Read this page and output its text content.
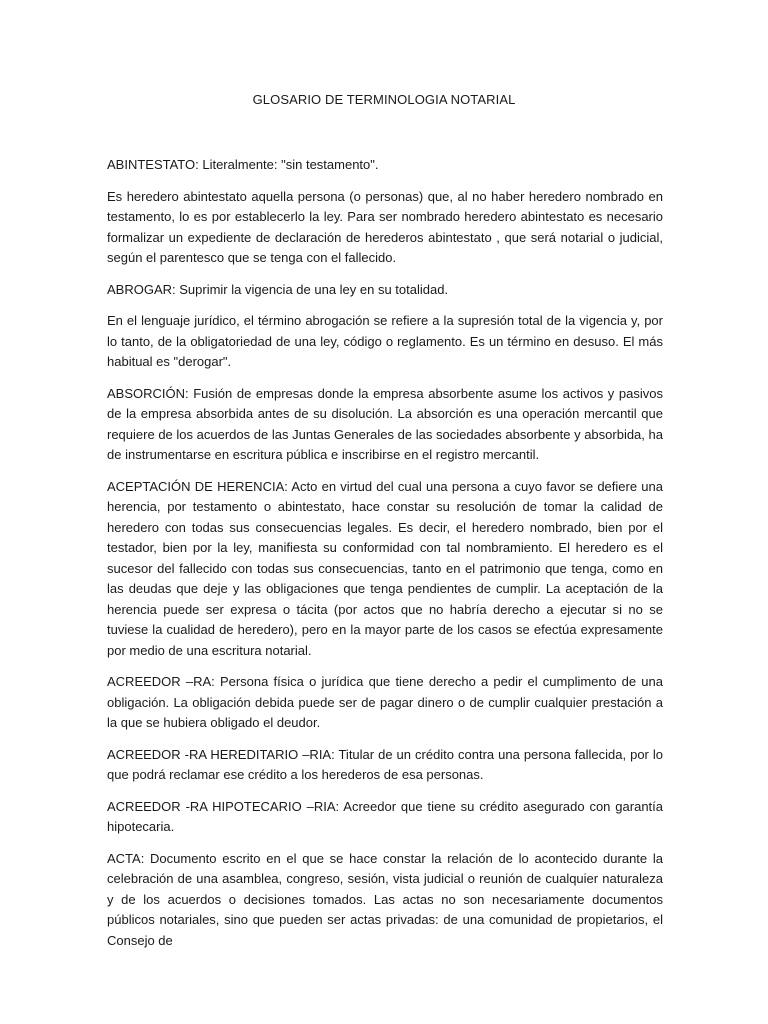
GLOSARIO DE TERMINOLOGIA NOTARIAL

ABINTESTATO: Literalmente: "sin testamento".

Es heredero abintestato aquella persona (o personas) que, al no haber heredero nombrado en testamento, lo es por establecerlo la ley. Para ser nombrado heredero abintestato es necesario formalizar un expediente de declaración de herederos abintestato , que será notarial o judicial, según el parentesco que se tenga con el fallecido.

ABROGAR: Suprimir la vigencia de una ley en su totalidad.

En el lenguaje jurídico, el término abrogación se refiere a la supresión total de la vigencia y, por lo tanto, de la obligatoriedad de una ley, código o reglamento. Es un término en desuso. El más habitual es "derogar".

ABSORCIÓN: Fusión de empresas donde la empresa absorbente asume los activos y pasivos de la empresa absorbida antes de su disolución. La absorción es una operación mercantil que requiere de los acuerdos de las Juntas Generales de las sociedades absorbente y absorbida, ha de instrumentarse en escritura pública e inscribirse en el registro mercantil.

ACEPTACIÓN DE HERENCIA: Acto en virtud del cual una persona a cuyo favor se defiere una herencia, por testamento o abintestato, hace constar su resolución de tomar la calidad de heredero con todas sus consecuencias legales. Es decir, el heredero nombrado, bien por el testador, bien por la ley, manifiesta su conformidad con tal nombramiento. El heredero es el sucesor del fallecido con todas sus consecuencias, tanto en el patrimonio que tenga, como en las deudas que deje y las obligaciones que tenga pendientes de cumplir. La aceptación de la herencia puede ser expresa o tácita (por actos que no habría derecho a ejecutar si no se tuviese la cualidad de heredero), pero en la mayor parte de los casos se efectúa expresamente por medio de una escritura notarial.

ACREEDOR –RA: Persona física o jurídica que tiene derecho a pedir el cumplimento de una obligación. La obligación debida puede ser de pagar dinero o de cumplir cualquier prestación a la que se hubiera obligado el deudor.

ACREEDOR -RA HEREDITARIO –RIA: Titular de un crédito contra una persona fallecida, por lo que podrá reclamar ese crédito a los herederos de esa personas.

ACREEDOR -RA HIPOTECARIO –RIA: Acreedor que tiene su crédito asegurado con garantía hipotecaria.

ACTA: Documento escrito en el que se hace constar la relación de lo acontecido durante la celebración de una asamblea, congreso, sesión, vista judicial o reunión de cualquier naturaleza y de los acuerdos o decisiones tomados. Las actas no son necesariamente documentos públicos notariales, sino que pueden ser actas privadas: de una comunidad de propietarios, el Consejo de
